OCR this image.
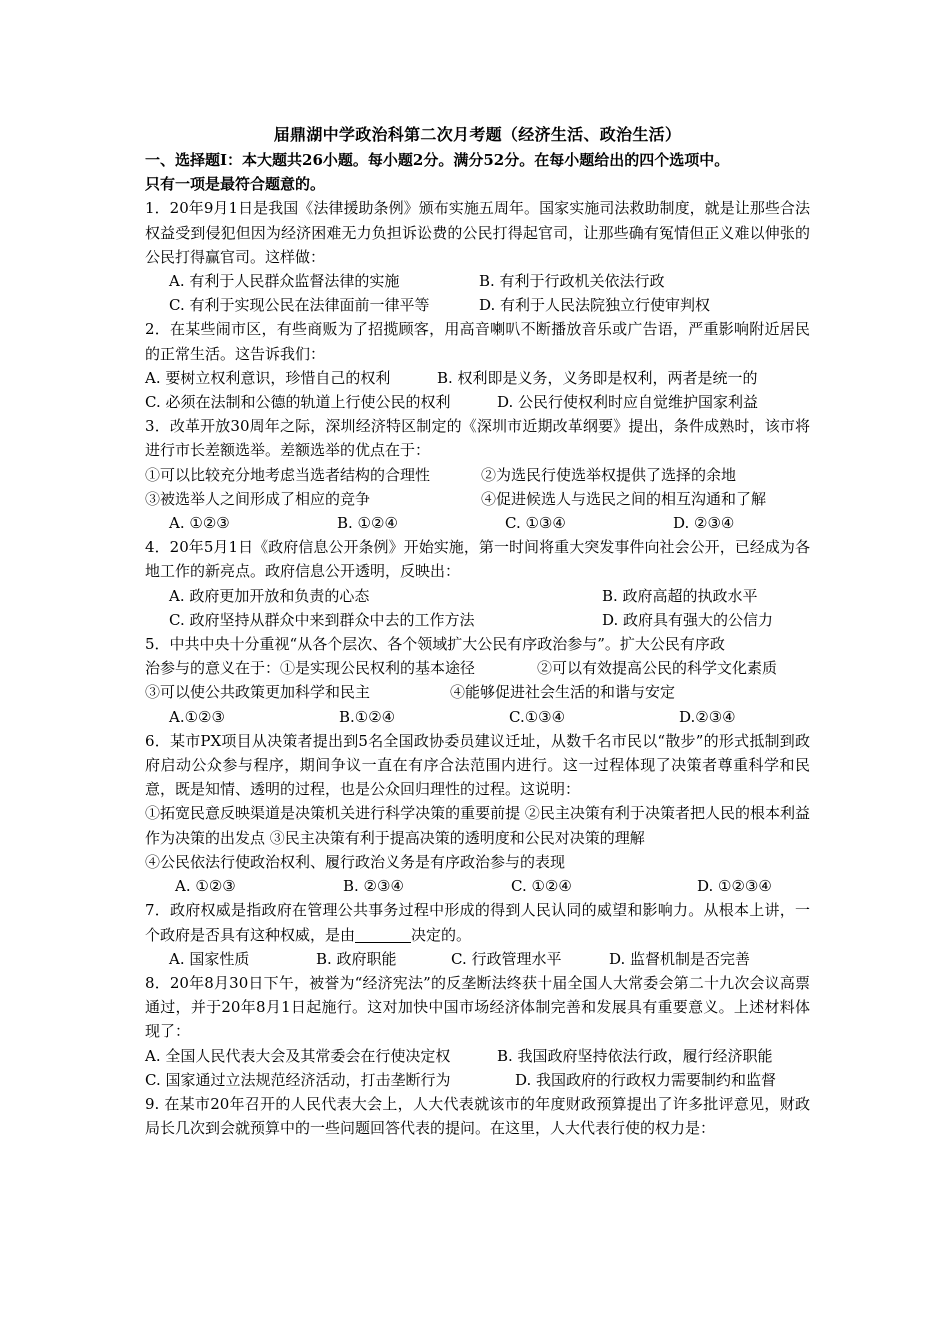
届鼎湖中学政治科第二次月考题（经济生活、政治生活）

一、选择题Ⅰ：本大题共26小题。每小题2分。满分52分。在每小题给出的四个选项中。

只有一项是最符合题意的。

1．20年9月1日是我国《法律援助条例》颁布实施五周年。国家实施司法救助制度，就是让那些合法权益受到侵犯但因为经济困难无力负担诉讼费的公民打得起官司，让那些确有冤情但正义难以伸张的公民打得赢官司。这样做：

A. 有利于人民群众监督法律的实施	B. 有利于行政机关依法行政
C. 有利于实现公民在法律面前一律平等	D. 有利于人民法院独立行使审判权

2．在某些闹市区，有些商贩为了招揽顾客，用高音喇叭不断播放音乐或广告语，严重影响附近居民的正常生活。这告诉我们：

A. 要树立权利意识，珍惜自己的权利	B. 权利即是义务，义务即是权利，两者是统一的
C. 必须在法制和公德的轨道上行使公民的权利	D. 公民行使权利时应自觉维护国家利益

3．改革开放30周年之际，深圳经济特区制定的《深圳市近期改革纲要》提出，条件成熟时，该市将进行市长差额选举。差额选举的优点在于：

①可以比较充分地考虑当选者结构的合理性	②为选民行使选举权提供了选择的余地
③被选举人之间形成了相应的竞争	④促进候选人与选民之间的相互沟通和了解
A. ①②③	B. ①②④	C. ①③④	D. ②③④

4．20年5月1日《政府信息公开条例》开始实施，第一时间将重大突发事件向社会公开，已经成为各地工作的新亮点。政府信息公开透明，反映出：

A. 政府更加开放和负责的心态	B. 政府高超的执政水平
C. 政府坚持从群众中来到群众中去的工作方法	D. 政府具有强大的公信力

5．中共中央十分重视“从各个层次、各个领域扩大公民有序政治参与”。扩大公民有序政

治参与的意义在于：①是实现公民权利的基本途径	②可以有效提高公民的科学文化素质
③可以使公共政策更加科学和民主	④能够促进社会生活的和谐与安定
A.①②③	B.①②④	C.①③④	D.②③④

6．某市PX项目从决策者提出到5名全国政协委员建议迁址，从数千名市民以“散步”的形式抵制到政府启动公众参与程序，期间争议一直在有序合法范围内进行。这一过程体现了决策者尊重科学和民意，既是知情、透明的过程，也是公众回归理性的过程。这说明：

①拓宽民意反映渠道是决策机关进行科学决策的重要前提 ②民主决策有利于决策者把人民的根本利益作为决策的出发点 ③民主决策有利于提高决策的透明度和公民对决策的理解

④公民依法行使政治权利、履行政治义务是有序政治参与的表现

A. ①②③	B. ②③④	C. ①②④	D. ①②③④

7．政府权威是指政府在管理公共事务过程中形成的得到人民认同的威望和影响力。从根本上讲，一个政府是否具有这种权威，是由	决定的。

A. 国家性质	B. 政府职能	C. 行政管理水平	D. 监督机制是否完善

8．20年8月30日下午，被誉为“经济宪法”的反垄断法终获十届全国人大常委会第二十九次会议高票通过，并于20年8月1日起施行。这对加快中国市场经济体制完善和发展具有重要意义。上述材料体现了：

A. 全国人民代表大会及其常委会在行使决定权	B. 我国政府坚持依法行政，履行经济职能

C. 国家通过立法规范经济活动，打击垄断行为	D. 我国政府的行政权力需要制约和监督

9. 在某市20年召开的人民代表大会上，人大代表就该市的年度财政预算提出了许多批评意见，财政局长几次到会就预算中的一些问题回答代表的提问。在这里，人大代表行使的权力是：
